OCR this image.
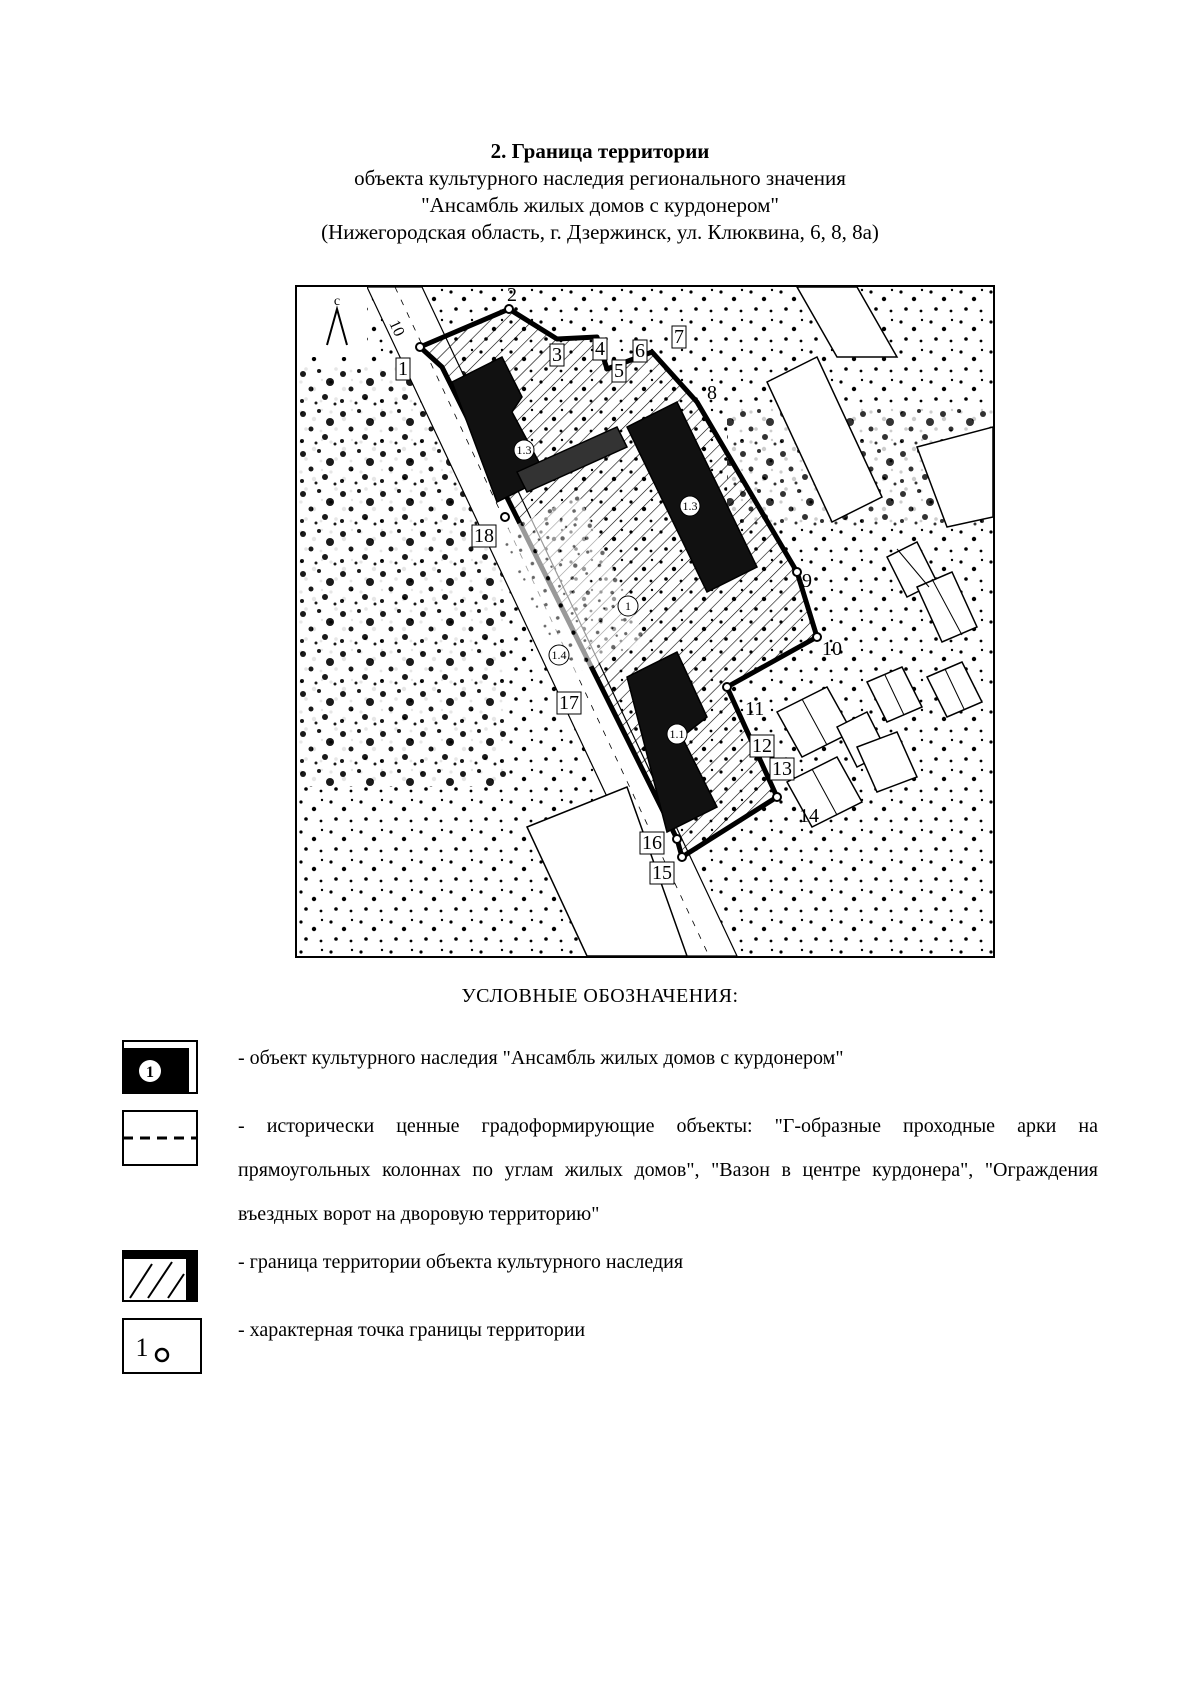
2. Граница территории
объекта культурного наследия регионального значения
"Ансамбль жилых домов с курдонером"
(Нижегородская область, г. Дзержинск, ул. Клюквина, 6, 8, 8а)
1.3
1.3
1
1.4
1.1
1
2
3 4
5
6
7
8
9
10
11
12
13
14
15
16
17
18
с
10
УСЛОВНЫЕ ОБОЗНАЧЕНИЯ:
1
- объект культурного наследия "Ансамбль жилых домов с курдонером"
- исторически ценные градоформирующие объекты: "Г-образные проходные арки на прямоугольных колоннах по углам жилых домов", "Вазон в центре курдонера", "Ограждения въездных ворот на дворовую территорию"
- граница территории объекта культурного наследия
1
- характерная точка границы территории
